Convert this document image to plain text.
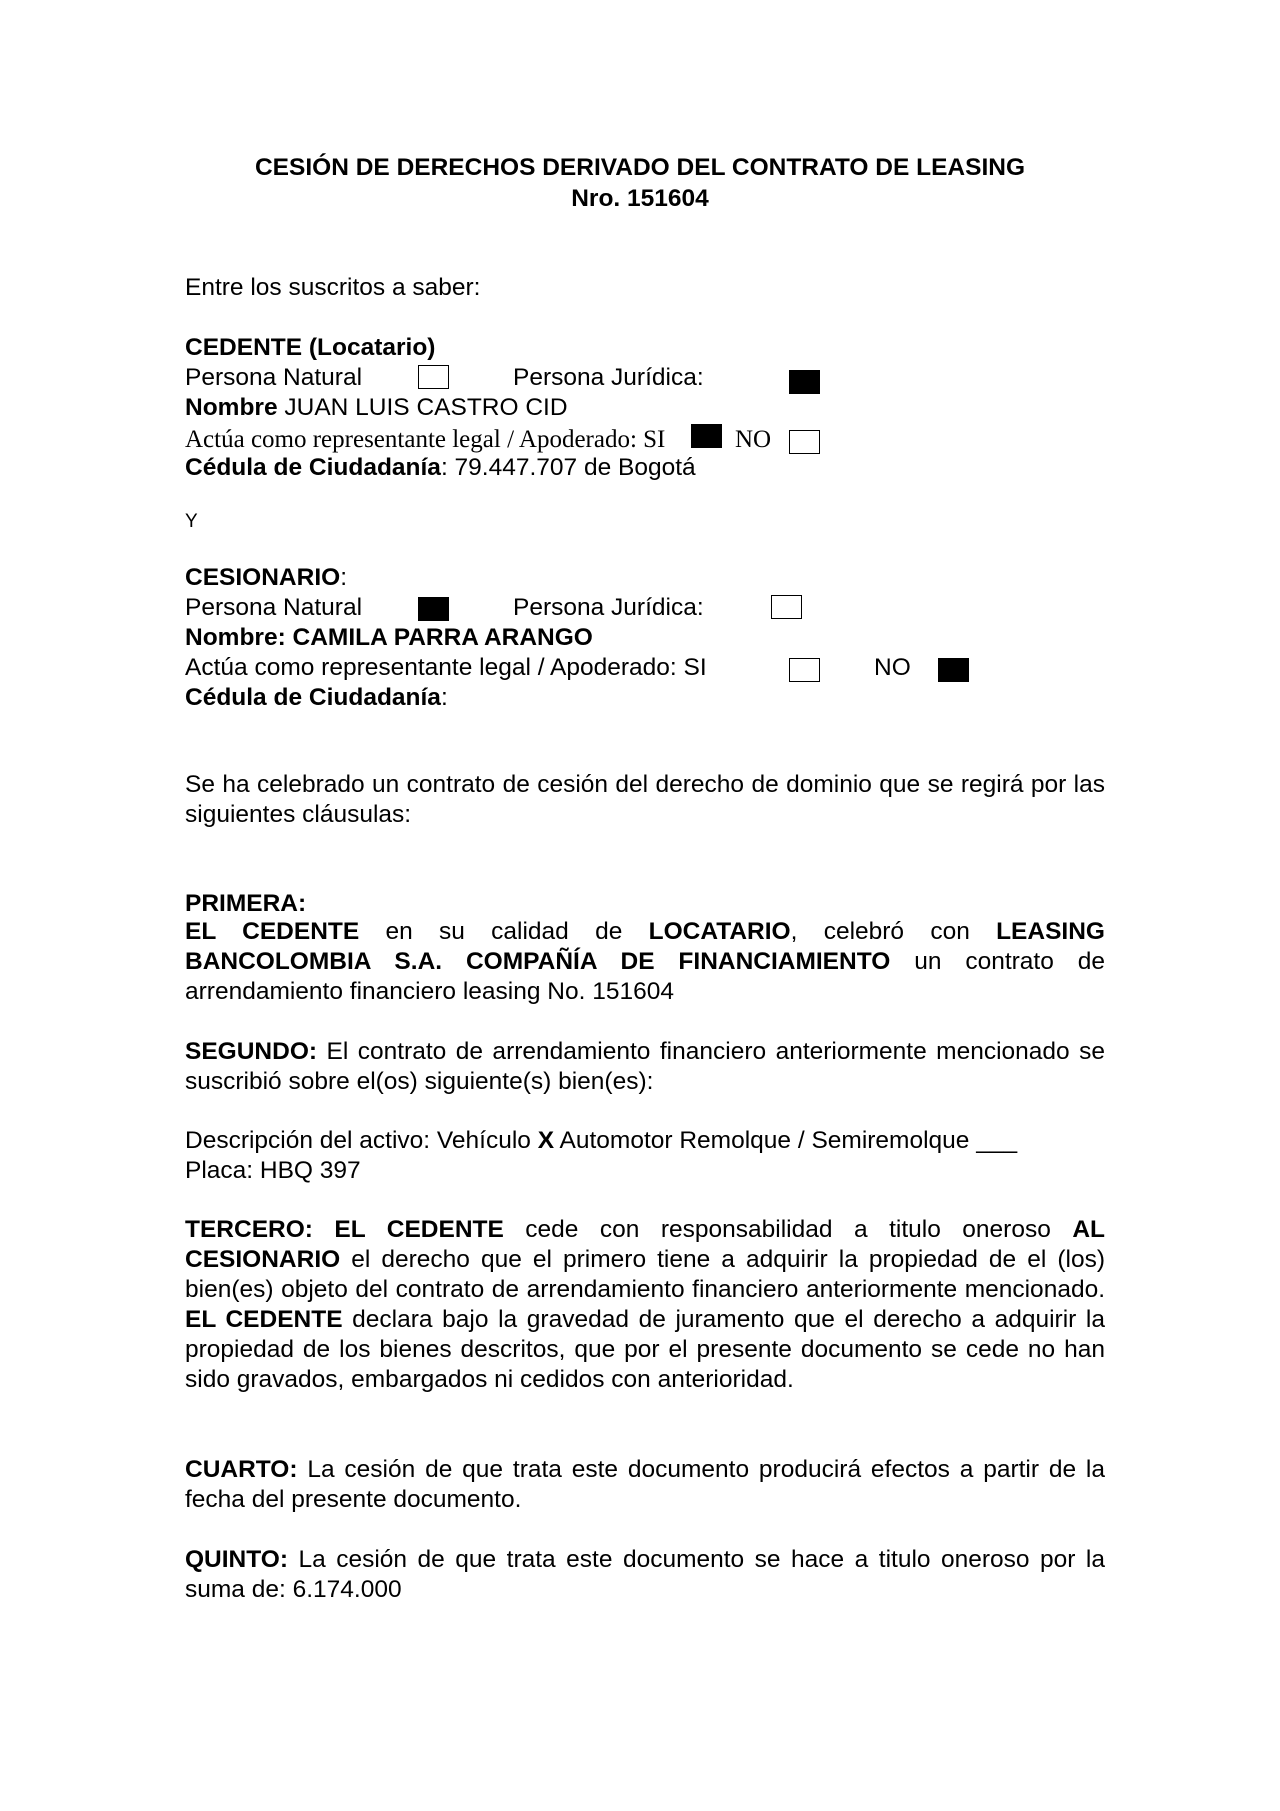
CESIÓN DE DERECHOS DERIVADO DEL CONTRATO DE LEASING
Nro. 151604
Entre los suscritos a saber:
CEDENTE (Locatario)
Persona Natural	Persona Jurídica:
Nombre JUAN LUIS CASTRO CID
Actúa como representante legal / Apoderado: SI	NO
Cédula de Ciudadanía: 79.447.707 de Bogotá
Y
CESIONARIO:
Persona Natural	Persona Jurídica:
Nombre: CAMILA PARRA ARANGO
Actúa como representante legal / Apoderado: SI	NO
Cédula de Ciudadanía:
Se ha celebrado un contrato de cesión del derecho de dominio que se regirá por las siguientes cláusulas:
PRIMERA:
EL CEDENTE en su calidad de LOCATARIO, celebró con LEASING BANCOLOMBIA S.A. COMPAÑÍA DE FINANCIAMIENTO un contrato de arrendamiento financiero leasing No. 151604
SEGUNDO: El contrato de arrendamiento financiero anteriormente mencionado se suscribió sobre el(os) siguiente(s) bien(es):
Descripción del activo: Vehículo X Automotor Remolque / Semiremolque ___
Placa: HBQ 397
TERCERO: EL CEDENTE cede con responsabilidad a titulo oneroso AL CESIONARIO el derecho que el primero tiene a adquirir la propiedad de el (los) bien(es) objeto del contrato de arrendamiento financiero anteriormente mencionado. EL CEDENTE declara bajo la gravedad de juramento que el derecho a adquirir la propiedad de los bienes descritos, que por el presente documento se cede no han sido gravados, embargados ni cedidos con anterioridad.
CUARTO: La cesión de que trata este documento producirá efectos a partir de la fecha del presente documento.
QUINTO: La cesión de que trata este documento se hace a titulo oneroso por la suma de: 6.174.000
